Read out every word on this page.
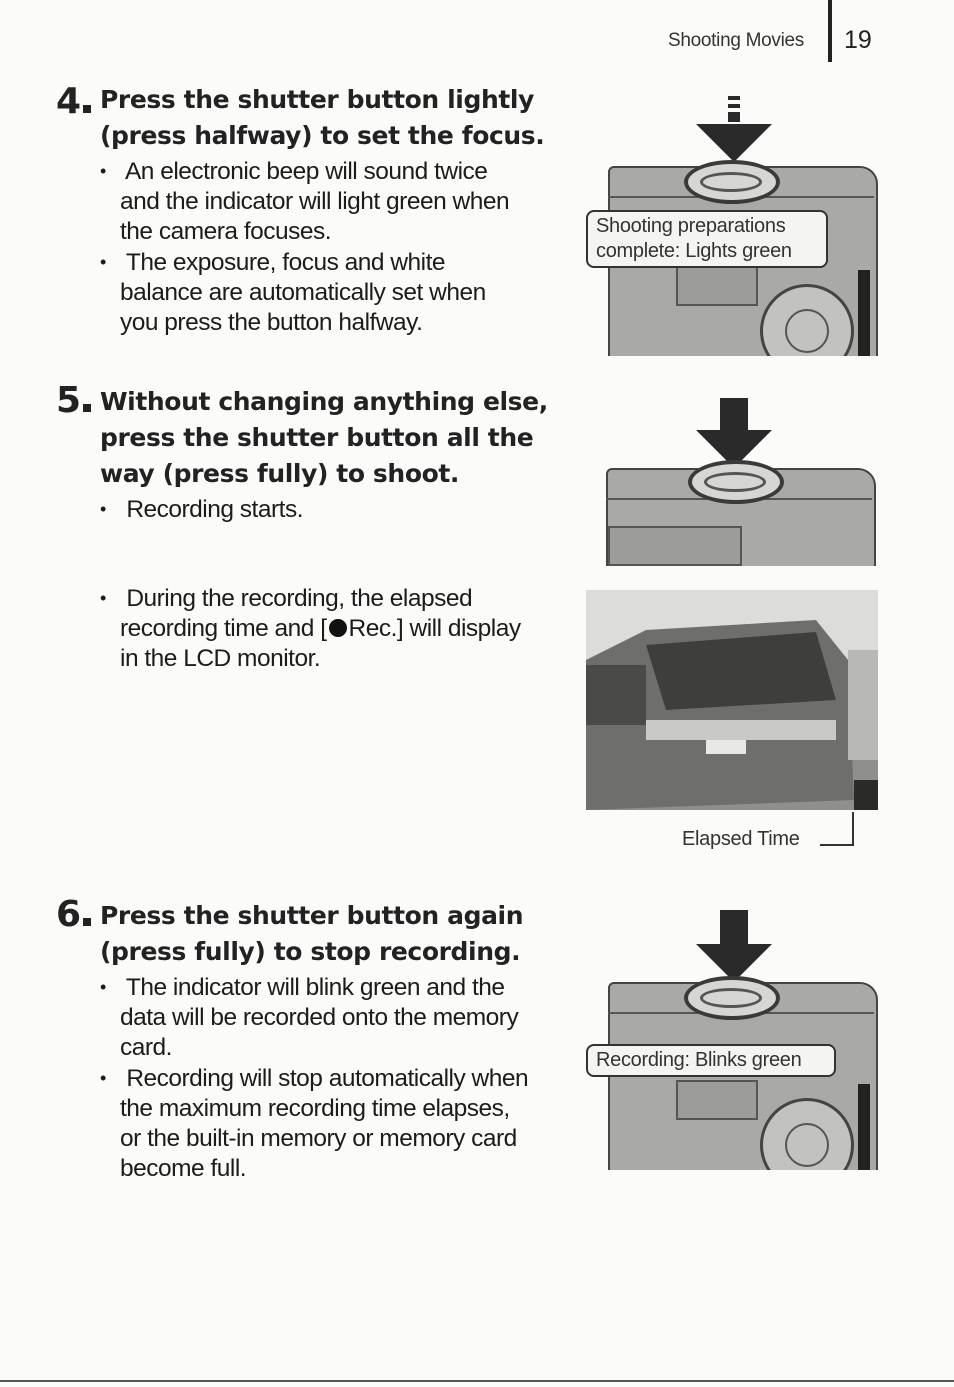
Shooting Movies 19
4 Press the shutter button lightly
(press halfway) to set the focus.
• An electronic beep will sound twice
and the indicator will light green when
the camera focuses.
• The exposure, focus and white
balance are automatically set when
you press the button halfway.
Shooting preparations
complete: Lights green
5 Without changing anything else,
press the shutter button all the
way (press fully) to shoot.
• Recording starts.
• During the recording, the elapsed
recording time and [ Rec.] will display
in the LCD monitor.
Elapsed Time
6 Press the shutter button again
(press fully) to stop recording.
• The indicator will blink green and the
data will be recorded onto the memory
card.
• Recording will stop automatically when
the maximum recording time elapses,
or the built-in memory or memory card
become full.
Recording: Blinks green
